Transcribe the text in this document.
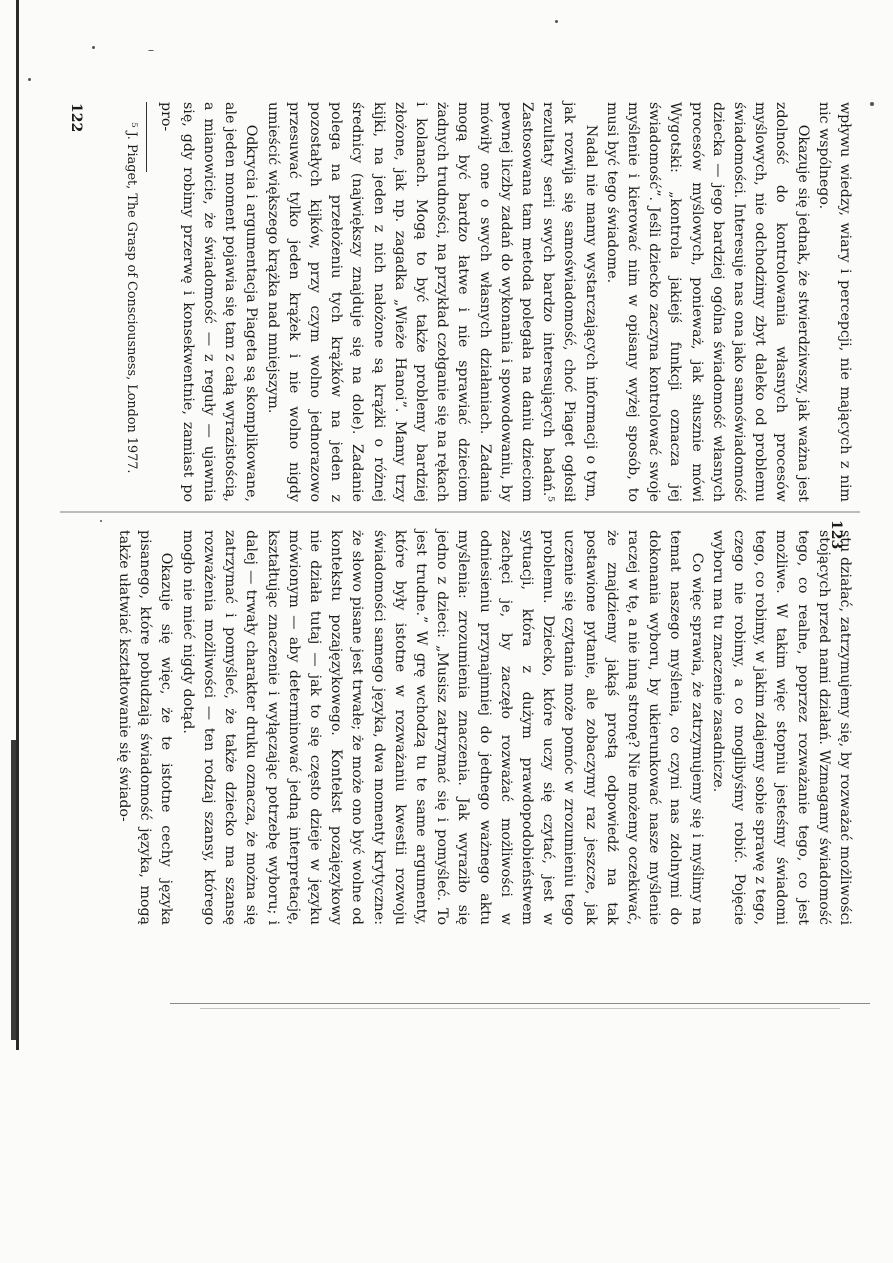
122
123

wpływu wiedzy, wiary i percepcji, nie mających z nim nic wspólnego.

Okazuje się jednak, że stwierdziwszy, jak ważna jest zdolność do kontrolowania własnych procesów myślowych, nie odchodzimy zbyt daleko od problemu świadomości. Interesuje nas ona jako samoświadomość dziecka — jego bardziej ogólna świadomość własnych procesów myślowych, ponieważ, jak słusznie mówi Wygotski: „kontrola jakiejś funkcji oznacza jej świadomość”. Jeśli dziecko zaczyna kontrolować swoje myślenie i kierować nim w opisany wyżej sposób, to musi być tego świadome.

Nadal nie mamy wystarczających informacji o tym, jak rozwija się samoświadomość, choć Piaget ogłosił rezultaty serii swych bardzo interesujących badań.⁵ Zastosowana tam metoda polegała na daniu dzieciom pewnej liczby zadań do wykonania i spowodowaniu, by mówiły one o swych własnych działaniach. Zadania mogą być bardzo łatwe i nie sprawiać dzieciom żadnych trudności, na przykład czołganie się na rękach i kolanach. Mogą to być także problemy bardziej złożone, jak np. zagadka „Wieże Hanoi”. Mamy trzy kijki, na jeden z nich nałożone są krążki o różnej średnicy (największy znajduje się na dole). Zadanie polega na przełożeniu tych krążków na jeden z pozostałych kijków, przy czym wolno jednorazowo przesuwać tylko jeden krążek i nie wolno nigdy umieścić większego krążka nad mniejszym.

Odkrycia i argumentacja Piageta są skomplikowane, ale jeden moment pojawia się tam z całą wyrazistością, a mianowicie, że świadomość — z reguły — ujawnia się, gdy robimy przerwę i konsekwentnie, zamiast po pro-

⁵ J. Piaget, The Grasp of Consciousness, London 1977.

stu działać, zatrzymujemy się, by rozważać możliwości stojących przed nami działań. Wzmagamy świadomość tego, co realne, poprzez rozważanie tego, co jest możliwe. W takim więc stopniu jesteśmy świadomi tego, co robimy, w jakim zdajemy sobie sprawę z tego, czego nie robimy, a co moglibyśmy robić. Pojęcie wyboru ma tu znaczenie zasadnicze.

Co więc sprawia, że zatrzymujemy się i myślimy na temat naszego myślenia, co czyni nas zdolnymi do dokonania wyboru, by ukierunkować nasze myślenie raczej w tę, a nie inną stronę? Nie możemy oczekiwać, że znajdziemy jakąś prostą odpowiedź na tak postawione pytanie, ale zobaczymy raz jeszcze, jak uczenie się czytania może pomóc w zrozumieniu tego problemu. Dziecko, które uczy się czytać, jest w sytuacji, która z dużym prawdopodobieństwem zachęci je, by zaczęło rozważać możliwości w odniesieniu przynajmniej do jednego ważnego aktu myślenia: zrozumienia znaczenia. Jak wyraziło się jedno z dzieci: „Musisz zatrzymać się i pomyśleć. To jest trudne.” W grę wchodzą tu te same argumenty, które były istotne w rozważaniu kwestii rozwoju świadomości samego języka, dwa momenty krytyczne: że słowo pisane jest trwałe; że może ono być wolne od kontekstu pozajęzykowego. Kontekst pozajęzykowy nie działa tutaj — jak to się często dzieje w języku mówionym — aby determinować jedną interpretację, kształtując znaczenie i wyłączając potrzebę wyboru; i dalej — trwały charakter druku oznacza, że można się zatrzymać i pomyśleć, że także dziecko ma szansę rozważenia możliwości — ten rodzaj szansy, którego mogło nie mieć nigdy dotąd.

Okazuje się więc, że te istotne cechy języka pisanego, które pobudzają świadomość języka, mogą także ułatwiać kształtowanie się świado-
